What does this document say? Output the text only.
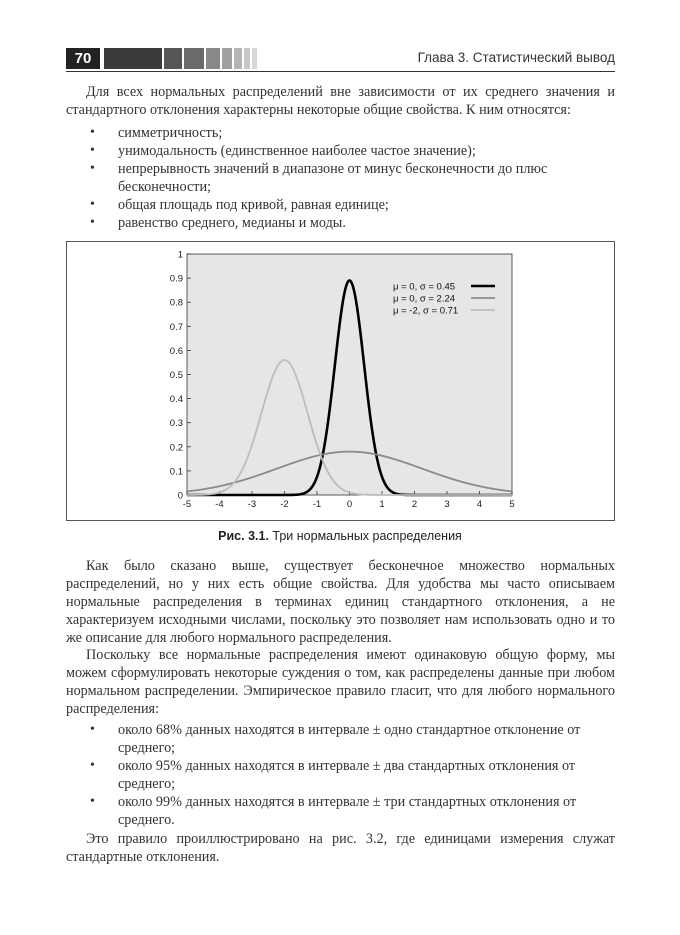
70	Глава 3. Статистический вывод

Для всех нормальных распределений вне зависимости от их среднего значения и стандартного отклонения характерны некоторые общие свойства. К ним относятся:

• симметричность;
• унимодальность (единственное наиболее частое значение);
• непрерывность значений в диапазоне от минус бесконечности до плюс бесконечности;
• общая площадь под кривой, равная единице;
• равенство среднего, медианы и моды.
-5	-4	-3	-2	-1	0	1	2	3	4	5
0
0.1
0.2
0.3
0.4
0.5
0.6
0.7
0.8
0.9
1
μ = 0, σ = 0.45
μ = 0, σ = 2.24
μ = -2, σ = 0.71
Рис. 3.1. Три нормальных распределения

Как было сказано выше, существует бесконечное множество нормальных распределений, но у них есть общие свойства. Для удобства мы часто описываем нормальные распределения в терминах единиц стандартного отклонения, а не характеризуем исходными числами, поскольку это позволяет нам использовать одно и то же описание для любого нормального распределения.

Поскольку все нормальные распределения имеют одинаковую общую форму, мы можем сформулировать некоторые суждения о том, как распределены данные при любом нормальном распределении. Эмпирическое правило гласит, что для любого нормального распределения:

• около 68% данных находятся в интервале ± одно стандартное отклонение от среднего;
• около 95% данных находятся в интервале ± два стандартных отклонения от среднего;
• около 99% данных находятся в интервале ± три стандартных отклонения от среднего.

Это правило проиллюстрировано на рис. 3.2, где единицами измерения служат стандартные отклонения.
